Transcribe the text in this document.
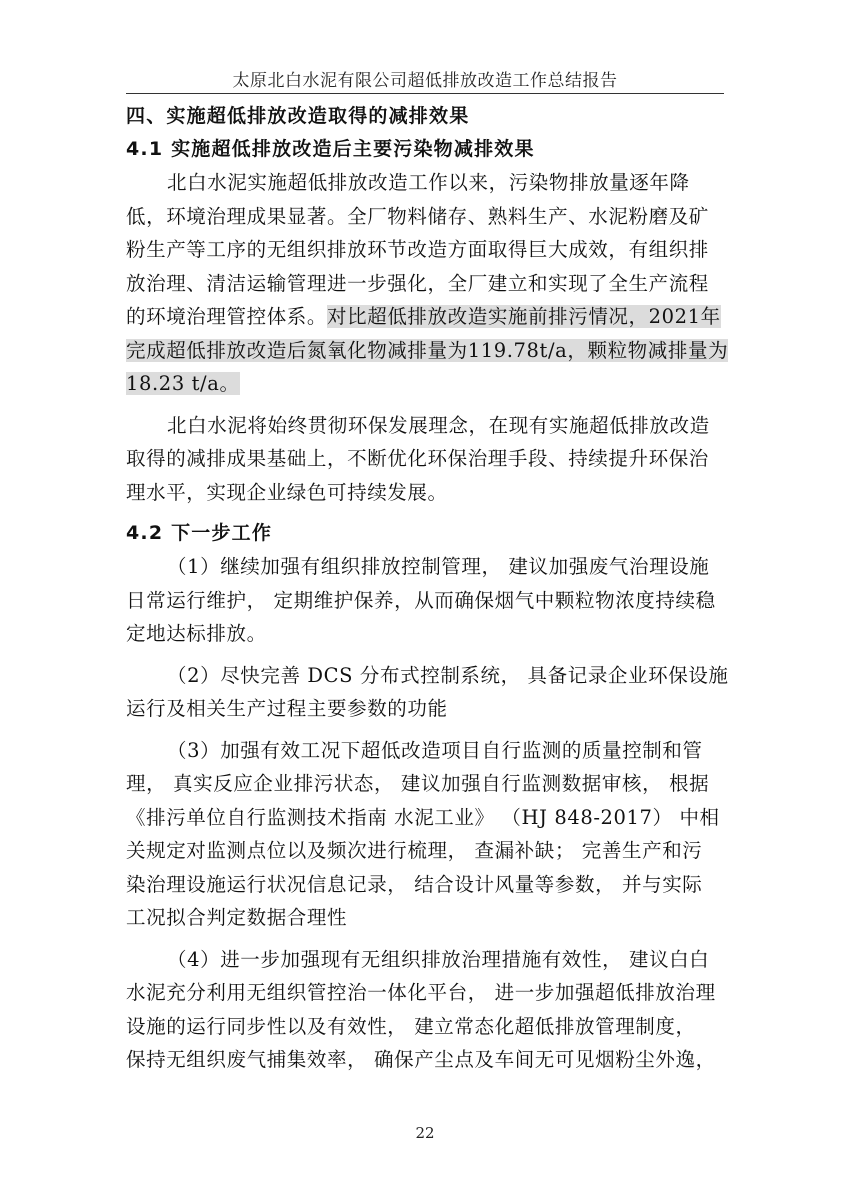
太原北白水泥有限公司超低排放改造工作总结报告
四、实施超低排放改造取得的减排效果
4.1 实施超低排放改造后主要污染物减排效果
北白水泥实施超低排放改造工作以来，污染物排放量逐年降
低，环境治理成果显著。全厂物料储存、熟料生产、水泥粉磨及矿
粉生产等工序的无组织排放环节改造方面取得巨大成效，有组织排
放治理、清洁运输管理进一步强化，全厂建立和实现了全生产流程
的环境治理管控体系。对比超低排放改造实施前排污情况，2021年
完成超低排放改造后氮氧化物减排量为119.78t/a，颗粒物减排量为
18.23 t/a。
北白水泥将始终贯彻环保发展理念，在现有实施超低排放改造
取得的减排成果基础上，不断优化环保治理手段、持续提升环保治
理水平，实现企业绿色可持续发展。
4.2 下一步工作
（1）继续加强有组织排放控制管理， 建议加强废气治理设施
日常运行维护， 定期维护保养，从而确保烟气中颗粒物浓度持续稳
定地达标排放。
（2）尽快完善 DCS 分布式控制系统， 具备记录企业环保设施
运行及相关生产过程主要参数的功能
（3）加强有效工况下超低改造项目自行监测的质量控制和管
理， 真实反应企业排污状态， 建议加强自行监测数据审核， 根据
《排污单位自行监测技术指南 水泥工业》 （HJ 848-2017） 中相
关规定对监测点位以及频次进行梳理， 查漏补缺； 完善生产和污
染治理设施运行状况信息记录， 结合设计风量等参数， 并与实际
工况拟合判定数据合理性
（4）进一步加强现有无组织排放治理措施有效性， 建议白白
水泥充分利用无组织管控治一体化平台， 进一步加强超低排放治理
设施的运行同步性以及有效性， 建立常态化超低排放管理制度，
保持无组织废气捕集效率， 确保产尘点及车间无可见烟粉尘外逸，
22
